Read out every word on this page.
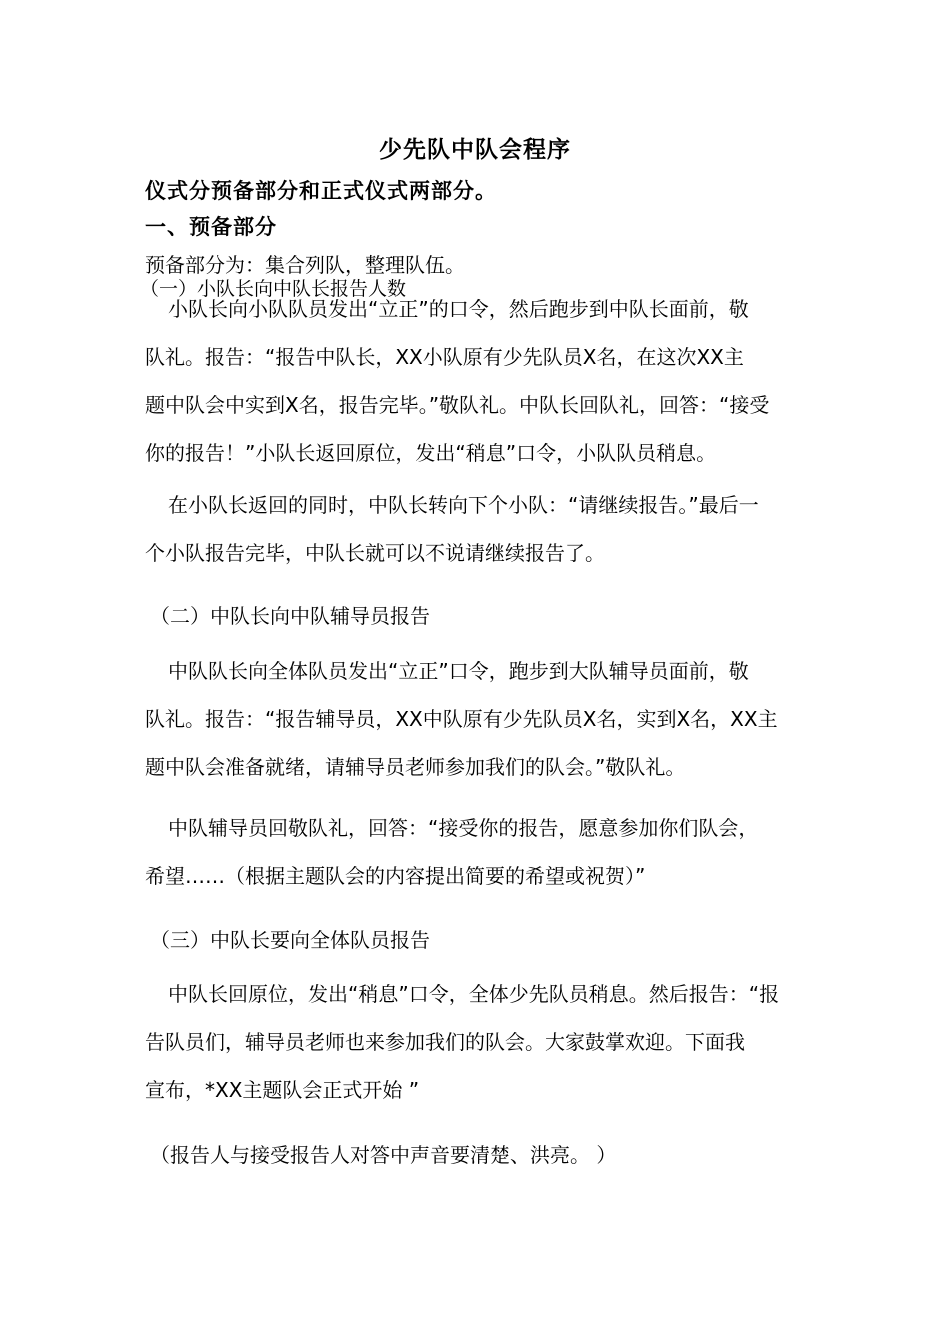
少先队中队会程序

仪式分预备部分和正式仪式两部分。

一、预备部分

预备部分为：集合列队，整理队伍。

（一）小队长向中队长报告人数

小队长向小队队员发出“立正”的口令，然后跑步到中队长面前，敬
队礼。报告：“报告中队长，XX小队原有少先队员X名，在这次XX主
题中队会中实到X名，报告完毕。”敬队礼。中队长回队礼，回答：“接受
你的报告！”小队长返回原位，发出“稍息”口令，小队队员稍息。
在小队长返回的同时，中队长转向下个小队：“请继续报告。”最后一
个小队报告完毕，中队长就可以不说请继续报告了。

（二）中队长向中队辅导员报告

中队队长向全体队员发出“立正”口令，跑步到大队辅导员面前，敬
队礼。报告：“报告辅导员，XX中队原有少先队员X名，实到X名，XX主
题中队会准备就绪，请辅导员老师参加我们的队会。”敬队礼。
中队辅导员回敬队礼，回答：“接受你的报告，愿意参加你们队会，
希望……（根据主题队会的内容提出简要的希望或祝贺）”

（三）中队长要向全体队员报告

中队长回原位，发出“稍息”口令，全体少先队员稍息。然后报告：“报
告队员们，辅导员老师也来参加我们的队会。大家鼓掌欢迎。下面我
宣布，*XX主题队会正式开始 ”

（报告人与接受报告人对答中声音要清楚、洪亮。 ）
